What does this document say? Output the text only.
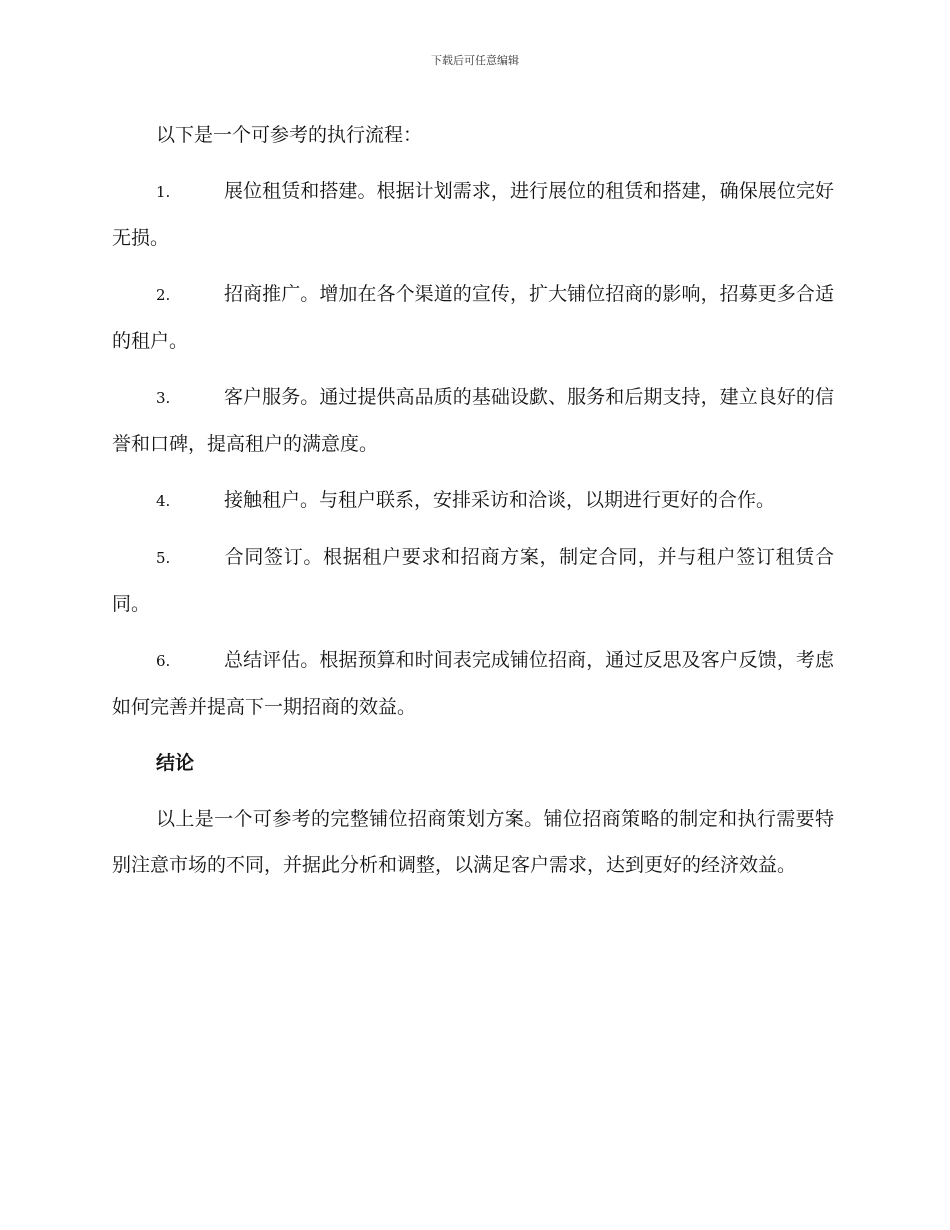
下载后可任意编辑

以下是一个可参考的执行流程：

1.	展位租赁和搭建。根据计划需求，进行展位的租赁和搭建，确保展位完好无损。

2.	招商推广。增加在各个渠道的宣传，扩大铺位招商的影响，招募更多合适的租户。

3.	客户服务。通过提供高品质的基础设歔、服务和后期支持，建立良好的信誉和口碑，提高租户的满意度。

4.	接触租户。与租户联系，安排采访和洽谈，以期进行更好的合作。

5.	合同签订。根据租户要求和招商方案，制定合同，并与租户签订租赁合同。

6.	总结评估。根据预算和时间表完成铺位招商，通过反思及客户反馈，考虑如何完善并提高下一期招商的效益。

结论

以上是一个可参考的完整铺位招商策划方案。铺位招商策略的制定和执行需要特别注意市场的不同，并据此分析和调整，以满足客户需求，达到更好的经济效益。
